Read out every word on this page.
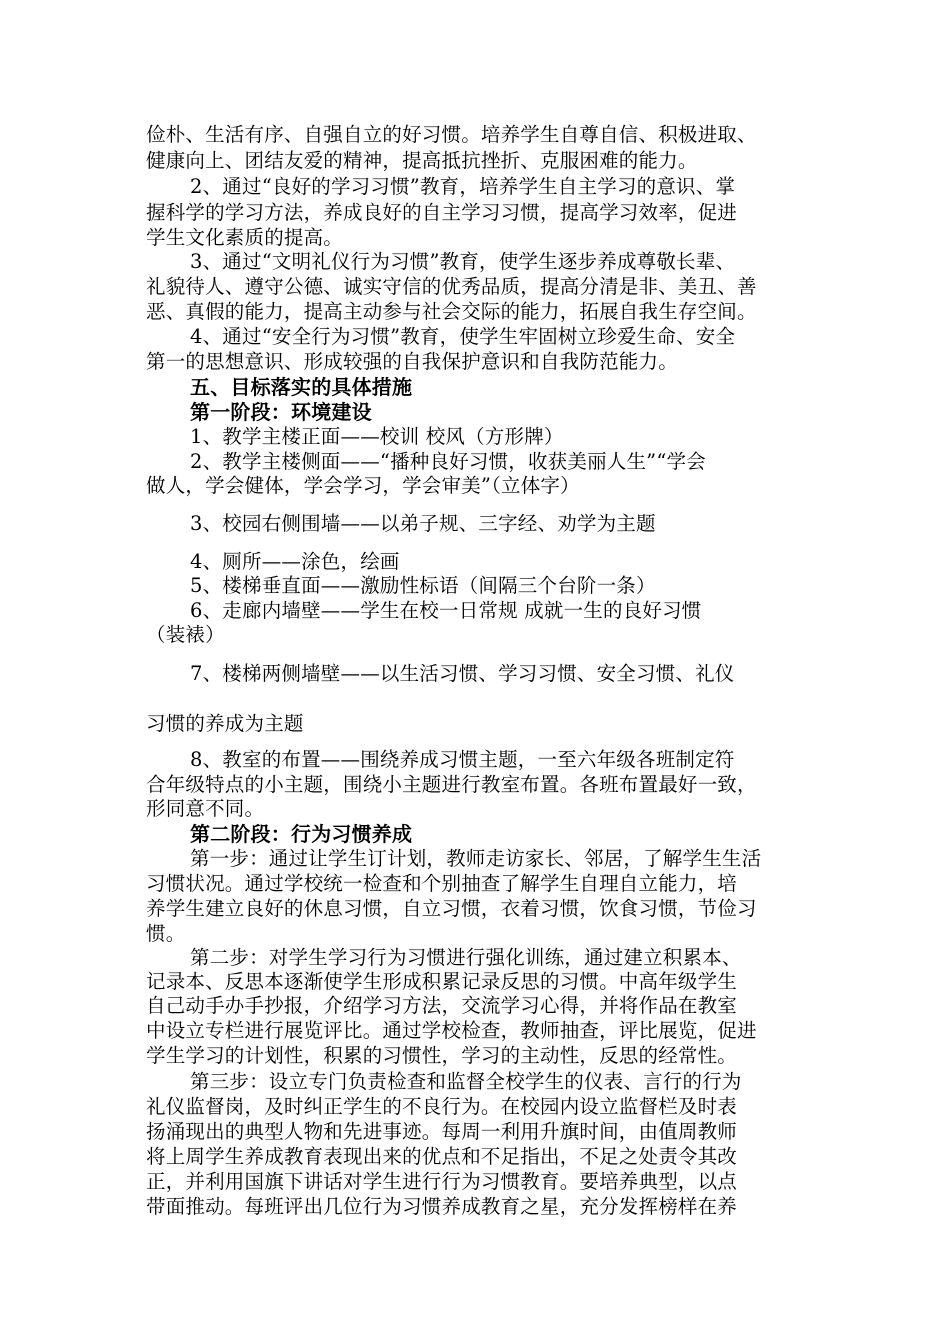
俭朴、生活有序、自强自立的好习惯。培养学生自尊自信、积极进取、
健康向上、团结友爱的精神，提高抵抗挫折、克服困难的能力。
2、通过“良好的学习习惯”教育，培养学生自主学习的意识、掌
握科学的学习方法，养成良好的自主学习习惯，提高学习效率，促进
学生文化素质的提高。
3、通过“文明礼仪行为习惯”教育，使学生逐步养成尊敬长辈、
礼貌待人、遵守公德、诚实守信的优秀品质，提高分清是非、美丑、善
恶、真假的能力，提高主动参与社会交际的能力，拓展自我生存空间。
4、通过“安全行为习惯”教育，使学生牢固树立珍爱生命、安全
第一的思想意识、形成较强的自我保护意识和自我防范能力。
五、目标落实的具体措施
第一阶段：环境建设
1、教学主楼正面——校训 校风（方形牌）
2、教学主楼侧面——“播种良好习惯，收获美丽人生”“学会
做人，学会健体，学会学习，学会审美”（立体字）
3、校园右侧围墙——以弟子规、三字经、劝学为主题
4、厕所——涂色，绘画
5、楼梯垂直面——激励性标语（间隔三个台阶一条）
6、走廊内墙壁——学生在校一日常规 成就一生的良好习惯
（装裱）
7、楼梯两侧墙壁——以生活习惯、学习习惯、安全习惯、礼仪
习惯的养成为主题
8、教室的布置——围绕养成习惯主题，一至六年级各班制定符
合年级特点的小主题，围绕小主题进行教室布置。各班布置最好一致，
形同意不同。
第二阶段：行为习惯养成
第一步：通过让学生订计划，教师走访家长、邻居，了解学生生活
习惯状况。通过学校统一检查和个别抽查了解学生自理自立能力，培
养学生建立良好的休息习惯，自立习惯，衣着习惯，饮食习惯，节俭习
惯。
第二步：对学生学习行为习惯进行强化训练，通过建立积累本、
记录本、反思本逐渐使学生形成积累记录反思的习惯。中高年级学生
自己动手办手抄报，介绍学习方法，交流学习心得，并将作品在教室
中设立专栏进行展览评比。通过学校检查，教师抽查，评比展览，促进
学生学习的计划性，积累的习惯性，学习的主动性，反思的经常性。
第三步：设立专门负责检查和监督全校学生的仪表、言行的行为
礼仪监督岗，及时纠正学生的不良行为。在校园内设立监督栏及时表
扬涌现出的典型人物和先进事迹。每周一利用升旗时间，由值周教师
将上周学生养成教育表现出来的优点和不足指出，不足之处责令其改
正，并利用国旗下讲话对学生进行行为习惯教育。要培养典型，以点
带面推动。每班评出几位行为习惯养成教育之星，充分发挥榜样在养
